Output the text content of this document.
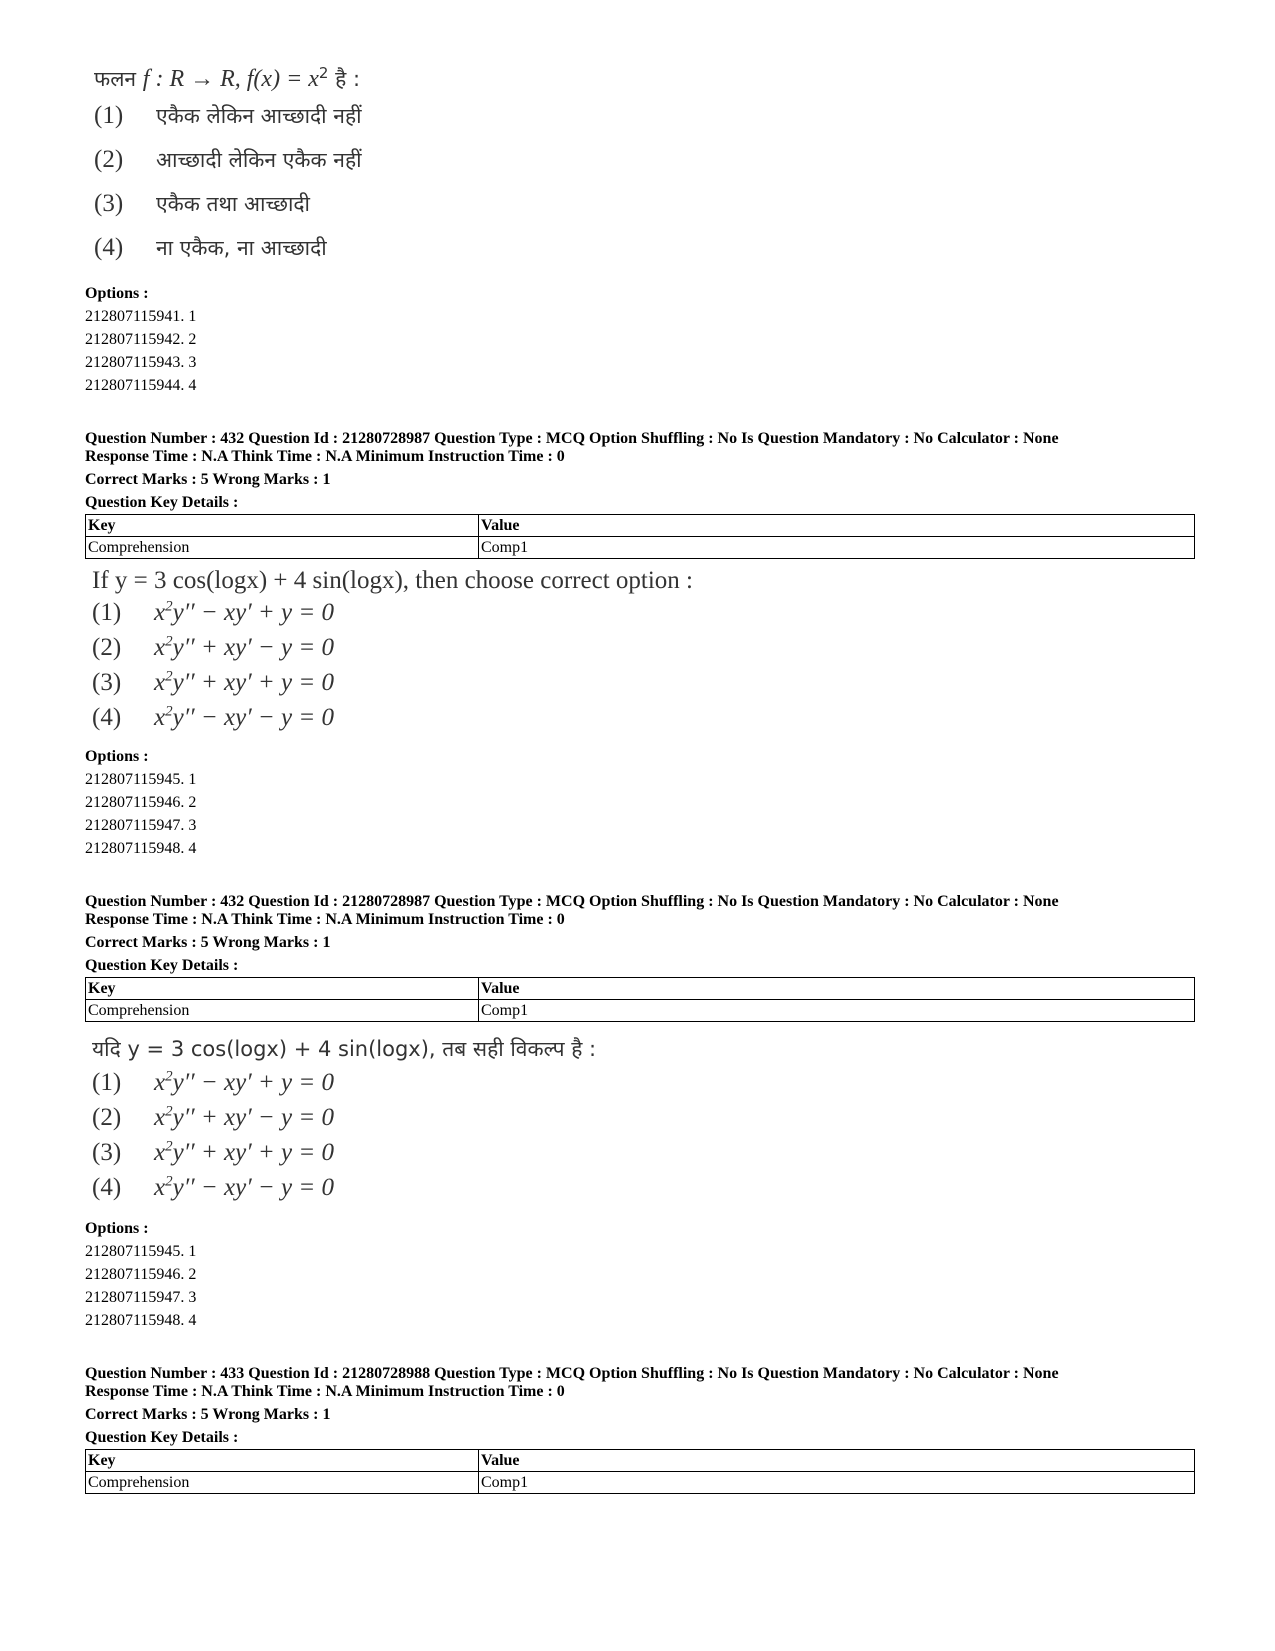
फलन f : R → R, $f(x) = x^2$ है :
(1)	एकैक लेकिन आच्छादी नहीं
(2)	आच्छादी लेकिन एकैक नहीं
(3)	एकैक तथा आच्छादी
(4)	ना एकैक, ना आच्छादी
Options :
212807115941. 1
212807115942. 2
212807115943. 3
212807115944. 4
Question Number : 432 Question Id : 21280728987 Question Type : MCQ Option Shuffling : No Is Question Mandatory : No Calculator : None
Response Time : N.A Think Time : N.A Minimum Instruction Time : 0
Correct Marks : 5 Wrong Marks : 1
Question Key Details :
Key	Value
Comprehension	Comp1
If y = 3 cos(logx) + 4 sin(logx), then choose correct option :
(1)	$x^2y'' - xy' + y = 0$
(2)	$x^2y'' + xy' - y = 0$
(3)	$x^2y'' + xy' + y = 0$
(4)	$x^2y'' - xy' - y = 0$
Options :
212807115945. 1
212807115946. 2
212807115947. 3
212807115948. 4
Question Number : 432 Question Id : 21280728987 Question Type : MCQ Option Shuffling : No Is Question Mandatory : No Calculator : None
Response Time : N.A Think Time : N.A Minimum Instruction Time : 0
Correct Marks : 5 Wrong Marks : 1
Question Key Details :
Key	Value
Comprehension	Comp1
यदि y = 3 cos(logx) + 4 sin(logx), तब सही विकल्प है :
(1)	$x^2y'' - xy' + y = 0$
(2)	$x^2y'' + xy' - y = 0$
(3)	$x^2y'' + xy' + y = 0$
(4)	$x^2y'' - xy' - y = 0$
Options :
212807115945. 1
212807115946. 2
212807115947. 3
212807115948. 4
Question Number : 433 Question Id : 21280728988 Question Type : MCQ Option Shuffling : No Is Question Mandatory : No Calculator : None
Response Time : N.A Think Time : N.A Minimum Instruction Time : 0
Correct Marks : 5 Wrong Marks : 1
Question Key Details :
Key	Value
Comprehension	Comp1
